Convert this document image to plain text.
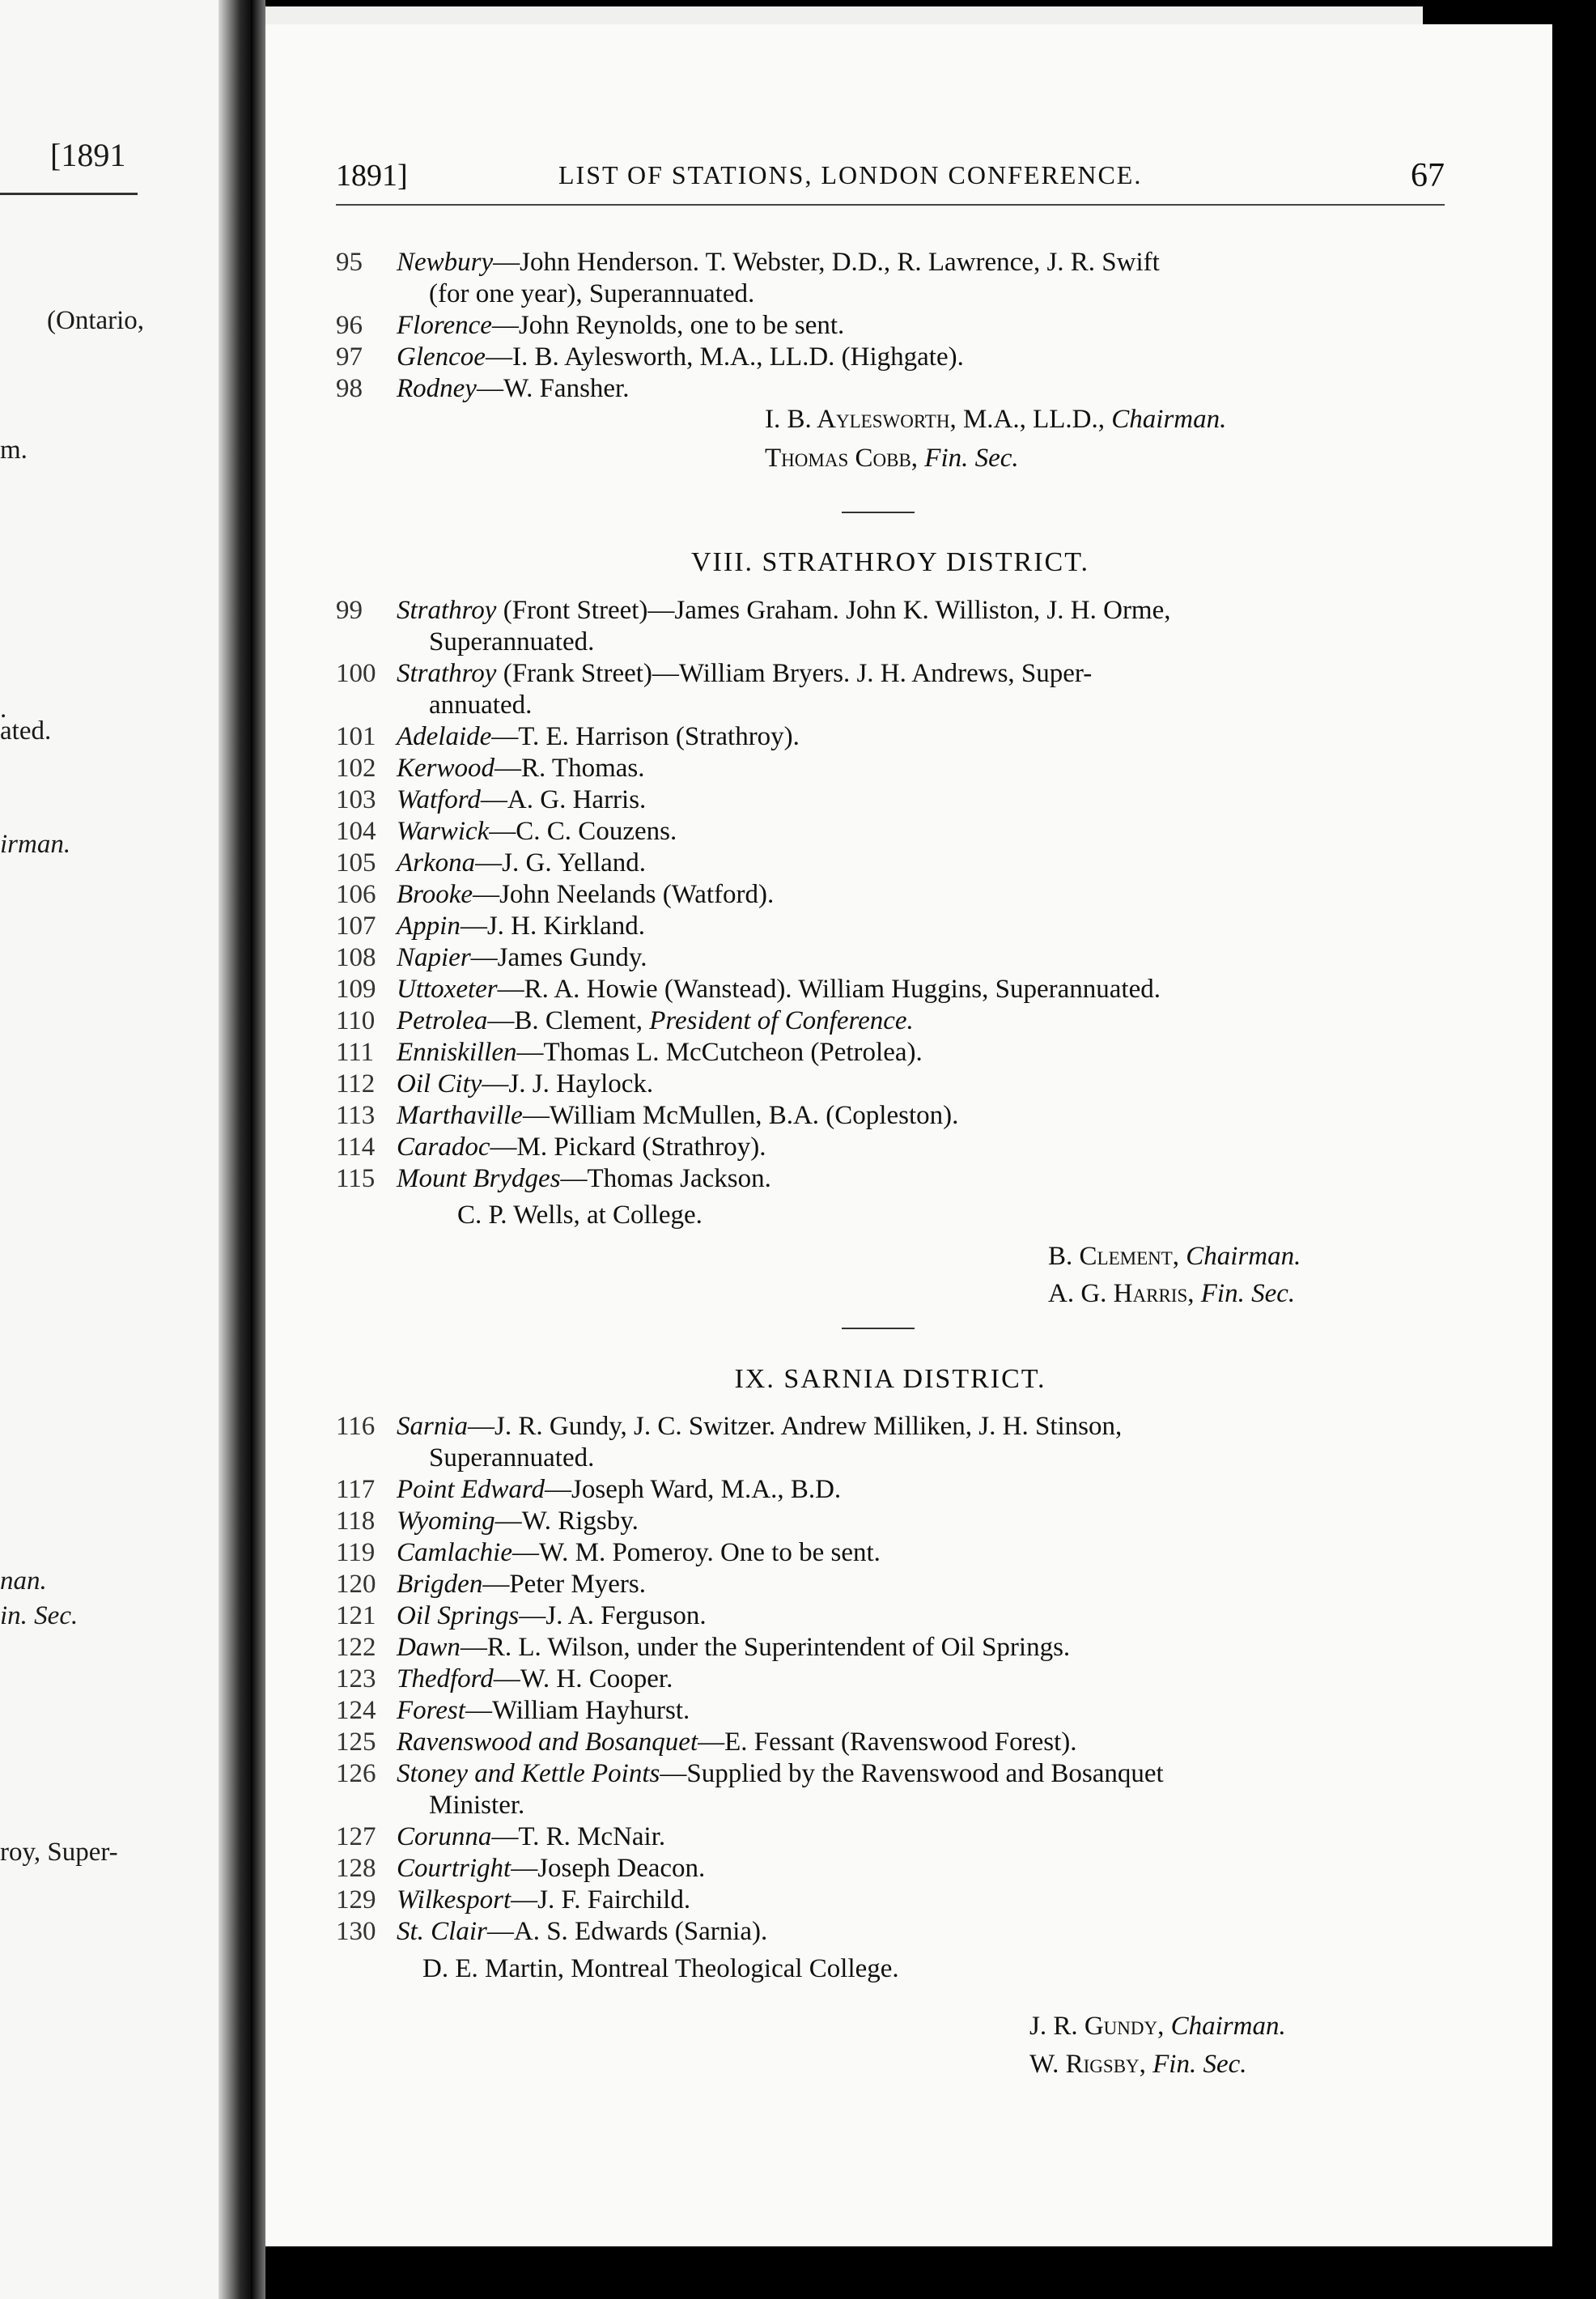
[1891
(Ontario,
m.
.
ated.
irman.
nan.
in. Sec.
roy, Super-
1891]	LIST OF STATIONS, LONDON CONFERENCE.	67
95	Newbury—John Henderson. T. Webster, D.D., R. Lawrence, J. R. Swift
(for one year), Superannuated.
96	Florence—John Reynolds, one to be sent.
97	Glencoe—I. B. Aylesworth, M.A., LL.D. (Highgate).
98	Rodney—W. Fansher.
I. B. Aylesworth, M.A., LL.D., Chairman.
Thomas Cobb, Fin. Sec.
VIII. STRATHROY DISTRICT.
99	Strathroy (Front Street)—James Graham. John K. Williston, J. H. Orme,
Superannuated.
100 Strathroy (Frank Street)—William Bryers. J. H. Andrews, Super-
annuated.
101 Adelaide—T. E. Harrison (Strathroy).
102 Kerwood—R. Thomas.
103 Watford—A. G. Harris.
104 Warwick—C. C. Couzens.
105 Arkona—J. G. Yelland.
106 Brooke—John Neelands (Watford).
107 Appin—J. H. Kirkland.
108 Napier—James Gundy.
109 Uttoxeter—R. A. Howie (Wanstead). William Huggins, Superannuated.
110 Petrolea—B. Clement, President of Conference.
111 Enniskillen—Thomas L. McCutcheon (Petrolea).
112 Oil City—J. J. Haylock.
113 Marthaville—William McMullen, B.A. (Copleston).
114 Caradoc—M. Pickard (Strathroy).
115 Mount Brydges—Thomas Jackson.
C. P. Wells, at College.
B. Clement, Chairman.
A. G. Harris, Fin. Sec.
IX. SARNIA DISTRICT.
116 Sarnia—J. R. Gundy, J. C. Switzer. Andrew Milliken, J. H. Stinson,
Superannuated.
117 Point Edward—Joseph Ward, M.A., B.D.
118 Wyoming—W. Rigsby.
119 Camlachie—W. M. Pomeroy. One to be sent.
120 Brigden—Peter Myers.
121 Oil Springs—J. A. Ferguson.
122 Dawn—R. L. Wilson, under the Superintendent of Oil Springs.
123 Thedford—W. H. Cooper.
124 Forest—William Hayhurst.
125 Ravenswood and Bosanquet—E. Fessant (Ravenswood Forest).
126 Stoney and Kettle Points—Supplied by the Ravenswood and Bosanquet
Minister.
127 Corunna—T. R. McNair.
128 Courtright—Joseph Deacon.
129 Wilkesport—J. F. Fairchild.
130 St. Clair—A. S. Edwards (Sarnia).
D. E. Martin, Montreal Theological College.
J. R. Gundy, Chairman.
W. Rigsby, Fin. Sec.
